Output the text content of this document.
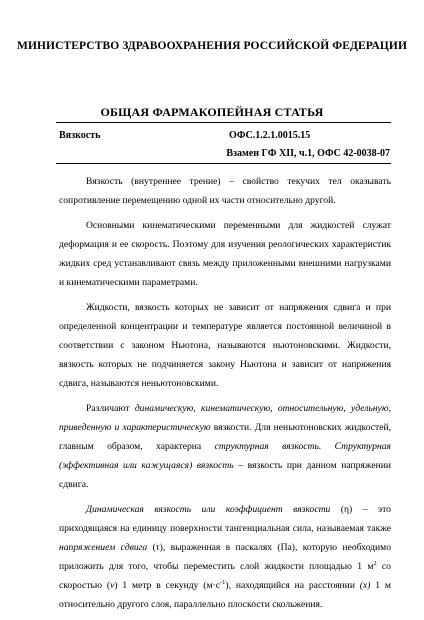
МИНИСТЕРСТВО ЗДРАВООХРАНЕНИЯ РОССИЙСКОЙ ФЕДЕРАЦИИ
ОБЩАЯ ФАРМАКОПЕЙНАЯ СТАТЬЯ
Вязкость	ОФС.1.2.1.0015.15
Взамен ГФ XII, ч.1, ОФС 42-0038-07

Вязкость (внутреннее трение) – свойство текучих тел оказывать сопротивление перемещению одной их части относительно другой.

Основными кинематическими переменными для жидкостей служат деформация и ее скорость. Поэтому для изучения реологических характеристик жидких сред устанавливают связь между приложенными внешними нагрузками и кинематическими параметрами.

Жидкости, вязкость которых не зависит от напряжения сдвига и при определенной концентрации и температуре является постоянной величиной в соответствии с законом Ньютона, называются ньютоновскими. Жидкости, вязкость которых не подчиняется закону Ньютона и зависит от напряжения сдвига, называются неньютоновскими.

Различают динамическую, кинематическую, относительную, удельную, приведенную и характеристическую вязкости. Для неньютоновских жидкостей, главным образом, характерна структурная вязкость. Структурная (эффективная или кажущаяся) вязкость – вязкость при данном напряжении сдвига.

Динамическая вязкость или коэффициент вязкости (η) – это приходящаяся на единицу поверхности тангенциальная сила, называемая также напряжением сдвига (τ), выраженная в паскалях (Па), которую необходимо приложить для того, чтобы переместить слой жидкости площадью 1 $м^2$ со скоростью (v) 1 метр в секунду $(м\cdot с^{-1})$, находящийся на расстоянии (x) 1 м относительно другого слоя, параллельно плоскости скольжения.
